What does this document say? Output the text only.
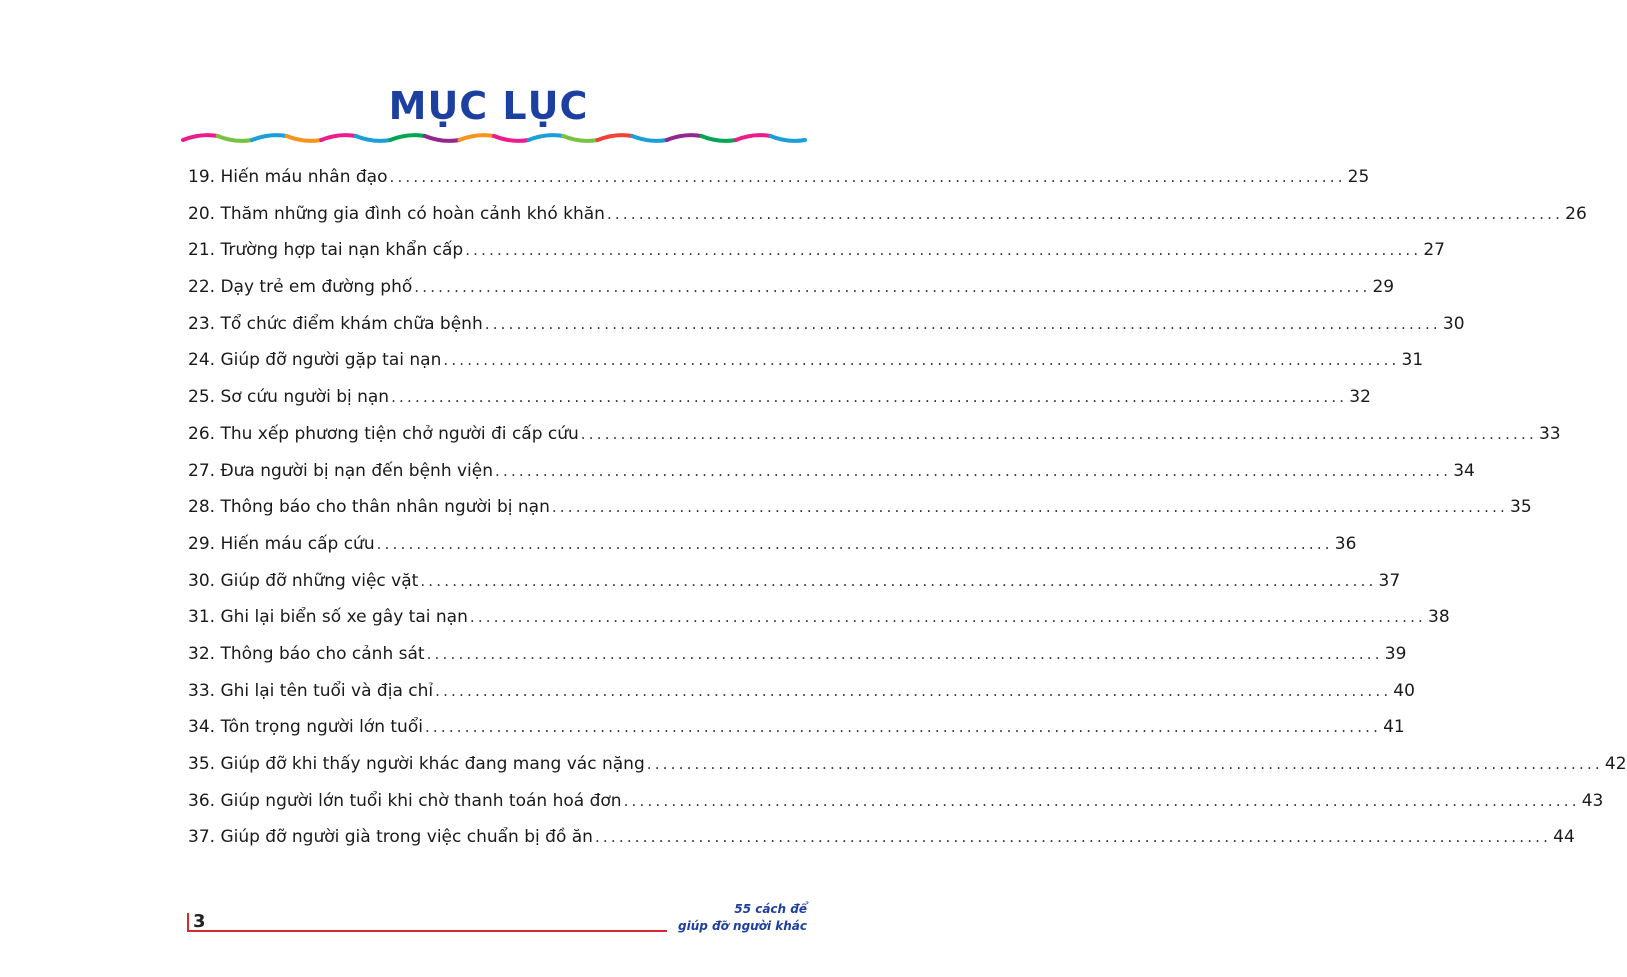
MỤC LỤC
19. Hiến máu nhân đạo ........................................................................................................................ 25
20. Thăm những gia đình có hoàn cảnh khó khăn ........................................................................................................................ 26
21. Trường hợp tai nạn khẩn cấp ........................................................................................................................ 27
22. Dạy trẻ em đường phố ........................................................................................................................ 29
23. Tổ chức điểm khám chữa bệnh ........................................................................................................................ 30
24. Giúp đỡ người gặp tai nạn ........................................................................................................................ 31
25. Sơ cứu người bị nạn ........................................................................................................................ 32
26. Thu xếp phương tiện chở người đi cấp cứu ........................................................................................................................ 33
27. Đưa người bị nạn đến bệnh viện ........................................................................................................................ 34
28. Thông báo cho thân nhân người bị nạn ........................................................................................................................ 35
29. Hiến máu cấp cứu ........................................................................................................................ 36
30. Giúp đỡ những việc vặt ........................................................................................................................ 37
31. Ghi lại biển số xe gây tai nạn ........................................................................................................................ 38
32. Thông báo cho cảnh sát ........................................................................................................................ 39
33. Ghi lại tên tuổi và địa chỉ ........................................................................................................................ 40
34. Tôn trọng người lớn tuổi ........................................................................................................................ 41
35. Giúp đỡ khi thấy người khác đang mang vác nặng ........................................................................................................................ 42
36. Giúp người lớn tuổi khi chờ thanh toán hoá đơn ........................................................................................................................ 43
37. Giúp đỡ người già trong việc chuẩn bị đồ ăn ........................................................................................................................ 44
3
55 cách để
giúp đỡ người khác
